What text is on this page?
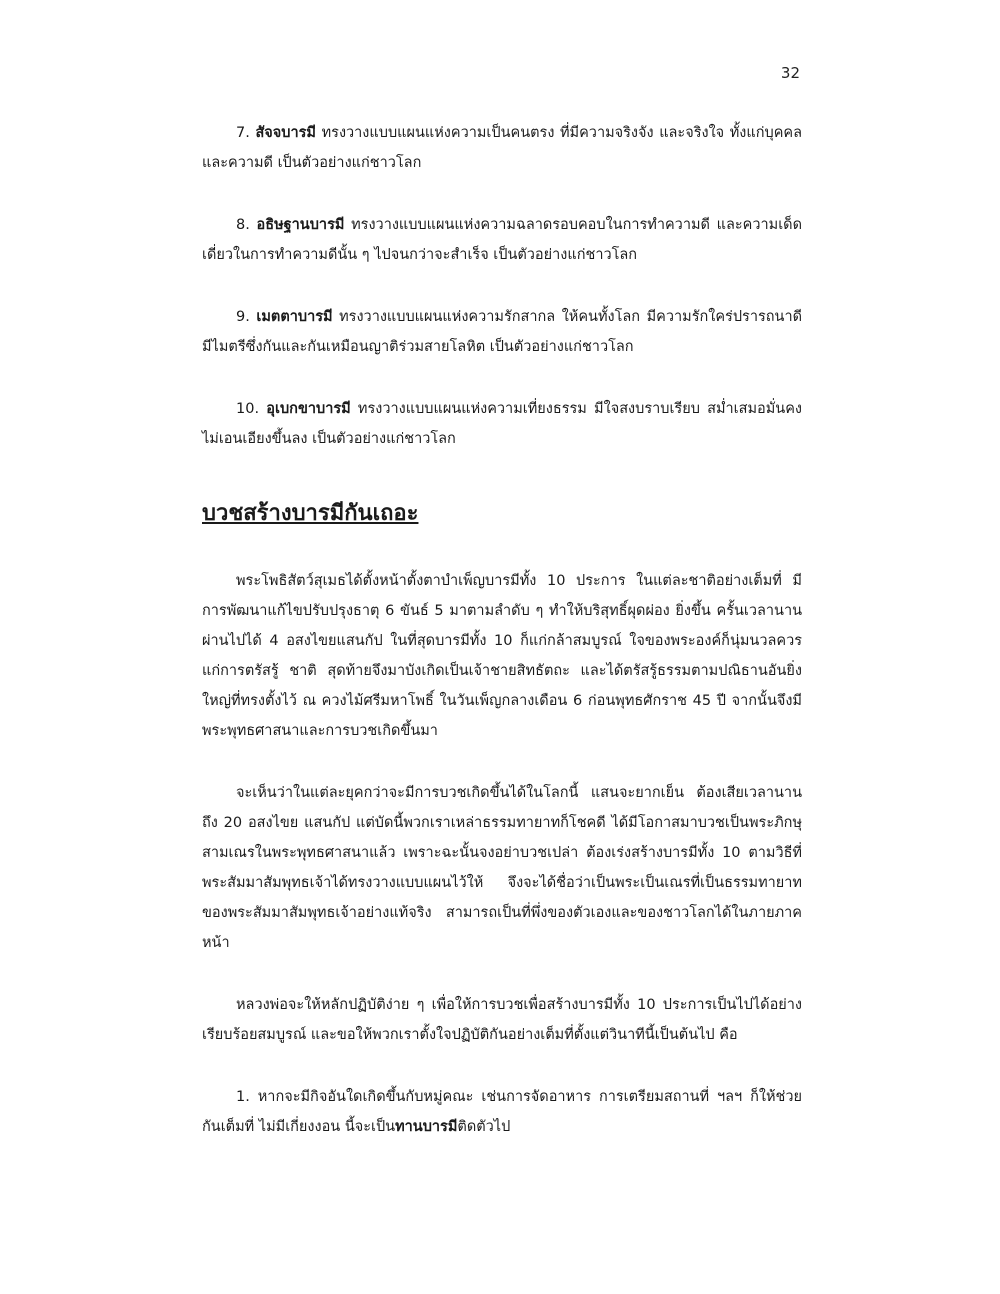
32

7. สัจจบารมี ทรงวางแบบแผนแห่งความเป็นคนตรง ที่มีความจริงจัง และจริงใจ ทั้งแก่บุคคลและความดี เป็นตัวอย่างแก่ชาวโลก

8. อธิษฐานบารมี ทรงวางแบบแผนแห่งความฉลาดรอบคอบในการทำความดี และความเด็ดเดี่ยวในการทำความดีนั้น ๆ ไปจนกว่าจะสำเร็จ เป็นตัวอย่างแก่ชาวโลก

9. เมตตาบารมี ทรงวางแบบแผนแห่งความรักสากล ให้คนทั้งโลก มีความรักใคร่ปรารถนาดี มีไมตรีซึ่งกันและกันเหมือนญาติร่วมสายโลหิต เป็นตัวอย่างแก่ชาวโลก

10. อุเบกขาบารมี ทรงวางแบบแผนแห่งความเที่ยงธรรม มีใจสงบราบเรียบ สม่ำเสมอมั่นคง ไม่เอนเอียงขึ้นลง เป็นตัวอย่างแก่ชาวโลก

บวชสร้างบารมีกันเถอะ

พระโพธิสัตว์สุเมธได้ตั้งหน้าตั้งตาบำเพ็ญบารมีทั้ง 10 ประการ ในแต่ละชาติอย่างเต็มที่ มีการพัฒนาแก้ไขปรับปรุงธาตุ 6 ขันธ์ 5 มาตามลำดับ ๆ ทำให้บริสุทธิ์ผุดผ่อง ยิ่งขึ้น ครั้นเวลานานผ่านไปได้ 4 อสงไขยแสนกัป ในที่สุดบารมีทั้ง 10 ก็แก่กล้าสมบูรณ์ ใจของพระองค์ก็นุ่มนวลควรแก่การตรัสรู้ ชาติ สุดท้ายจึงมาบังเกิดเป็นเจ้าชายสิทธัตถะ และได้ตรัสรู้ธรรมตามปณิธานอันยิ่งใหญ่ที่ทรงตั้งไว้ ณ ควงไม้ศรีมหาโพธิ์ ในวันเพ็ญกลางเดือน 6 ก่อนพุทธศักราช 45 ปี จากนั้นจึงมีพระพุทธศาสนาและการบวชเกิดขึ้นมา

จะเห็นว่าในแต่ละยุคกว่าจะมีการบวชเกิดขึ้นได้ในโลกนี้ แสนจะยากเย็น ต้องเสียเวลานานถึง 20 อสงไขย แสนกัป แต่บัดนี้พวกเราเหล่าธรรมทายาทก็โชคดี ได้มีโอกาสมาบวชเป็นพระภิกษุสามเณรในพระพุทธศาสนาแล้ว เพราะฉะนั้นจงอย่าบวชเปล่า ต้องเร่งสร้างบารมีทั้ง 10 ตามวิธีที่พระสัมมาสัมพุทธเจ้าได้ทรงวางแบบแผนไว้ให้ จึงจะได้ชื่อว่าเป็นพระเป็นเณรที่เป็นธรรมทายาทของพระสัมมาสัมพุทธเจ้าอย่างแท้จริง สามารถเป็นที่พึ่งของตัวเองและของชาวโลกได้ในภายภาคหน้า

หลวงพ่อจะให้หลักปฏิบัติง่าย ๆ เพื่อให้การบวชเพื่อสร้างบารมีทั้ง 10 ประการเป็นไปได้อย่างเรียบร้อยสมบูรณ์ และขอให้พวกเราตั้งใจปฏิบัติกันอย่างเต็มที่ตั้งแต่วินาทีนี้เป็นต้นไป คือ

1. หากจะมีกิจอันใดเกิดขึ้นกับหมู่คณะ เช่นการจัดอาหาร การเตรียมสถานที่ ฯลฯ ก็ให้ช่วยกันเต็มที่ ไม่มีเกี่ยงงอน นี้จะเป็นทานบารมีติดตัวไป
